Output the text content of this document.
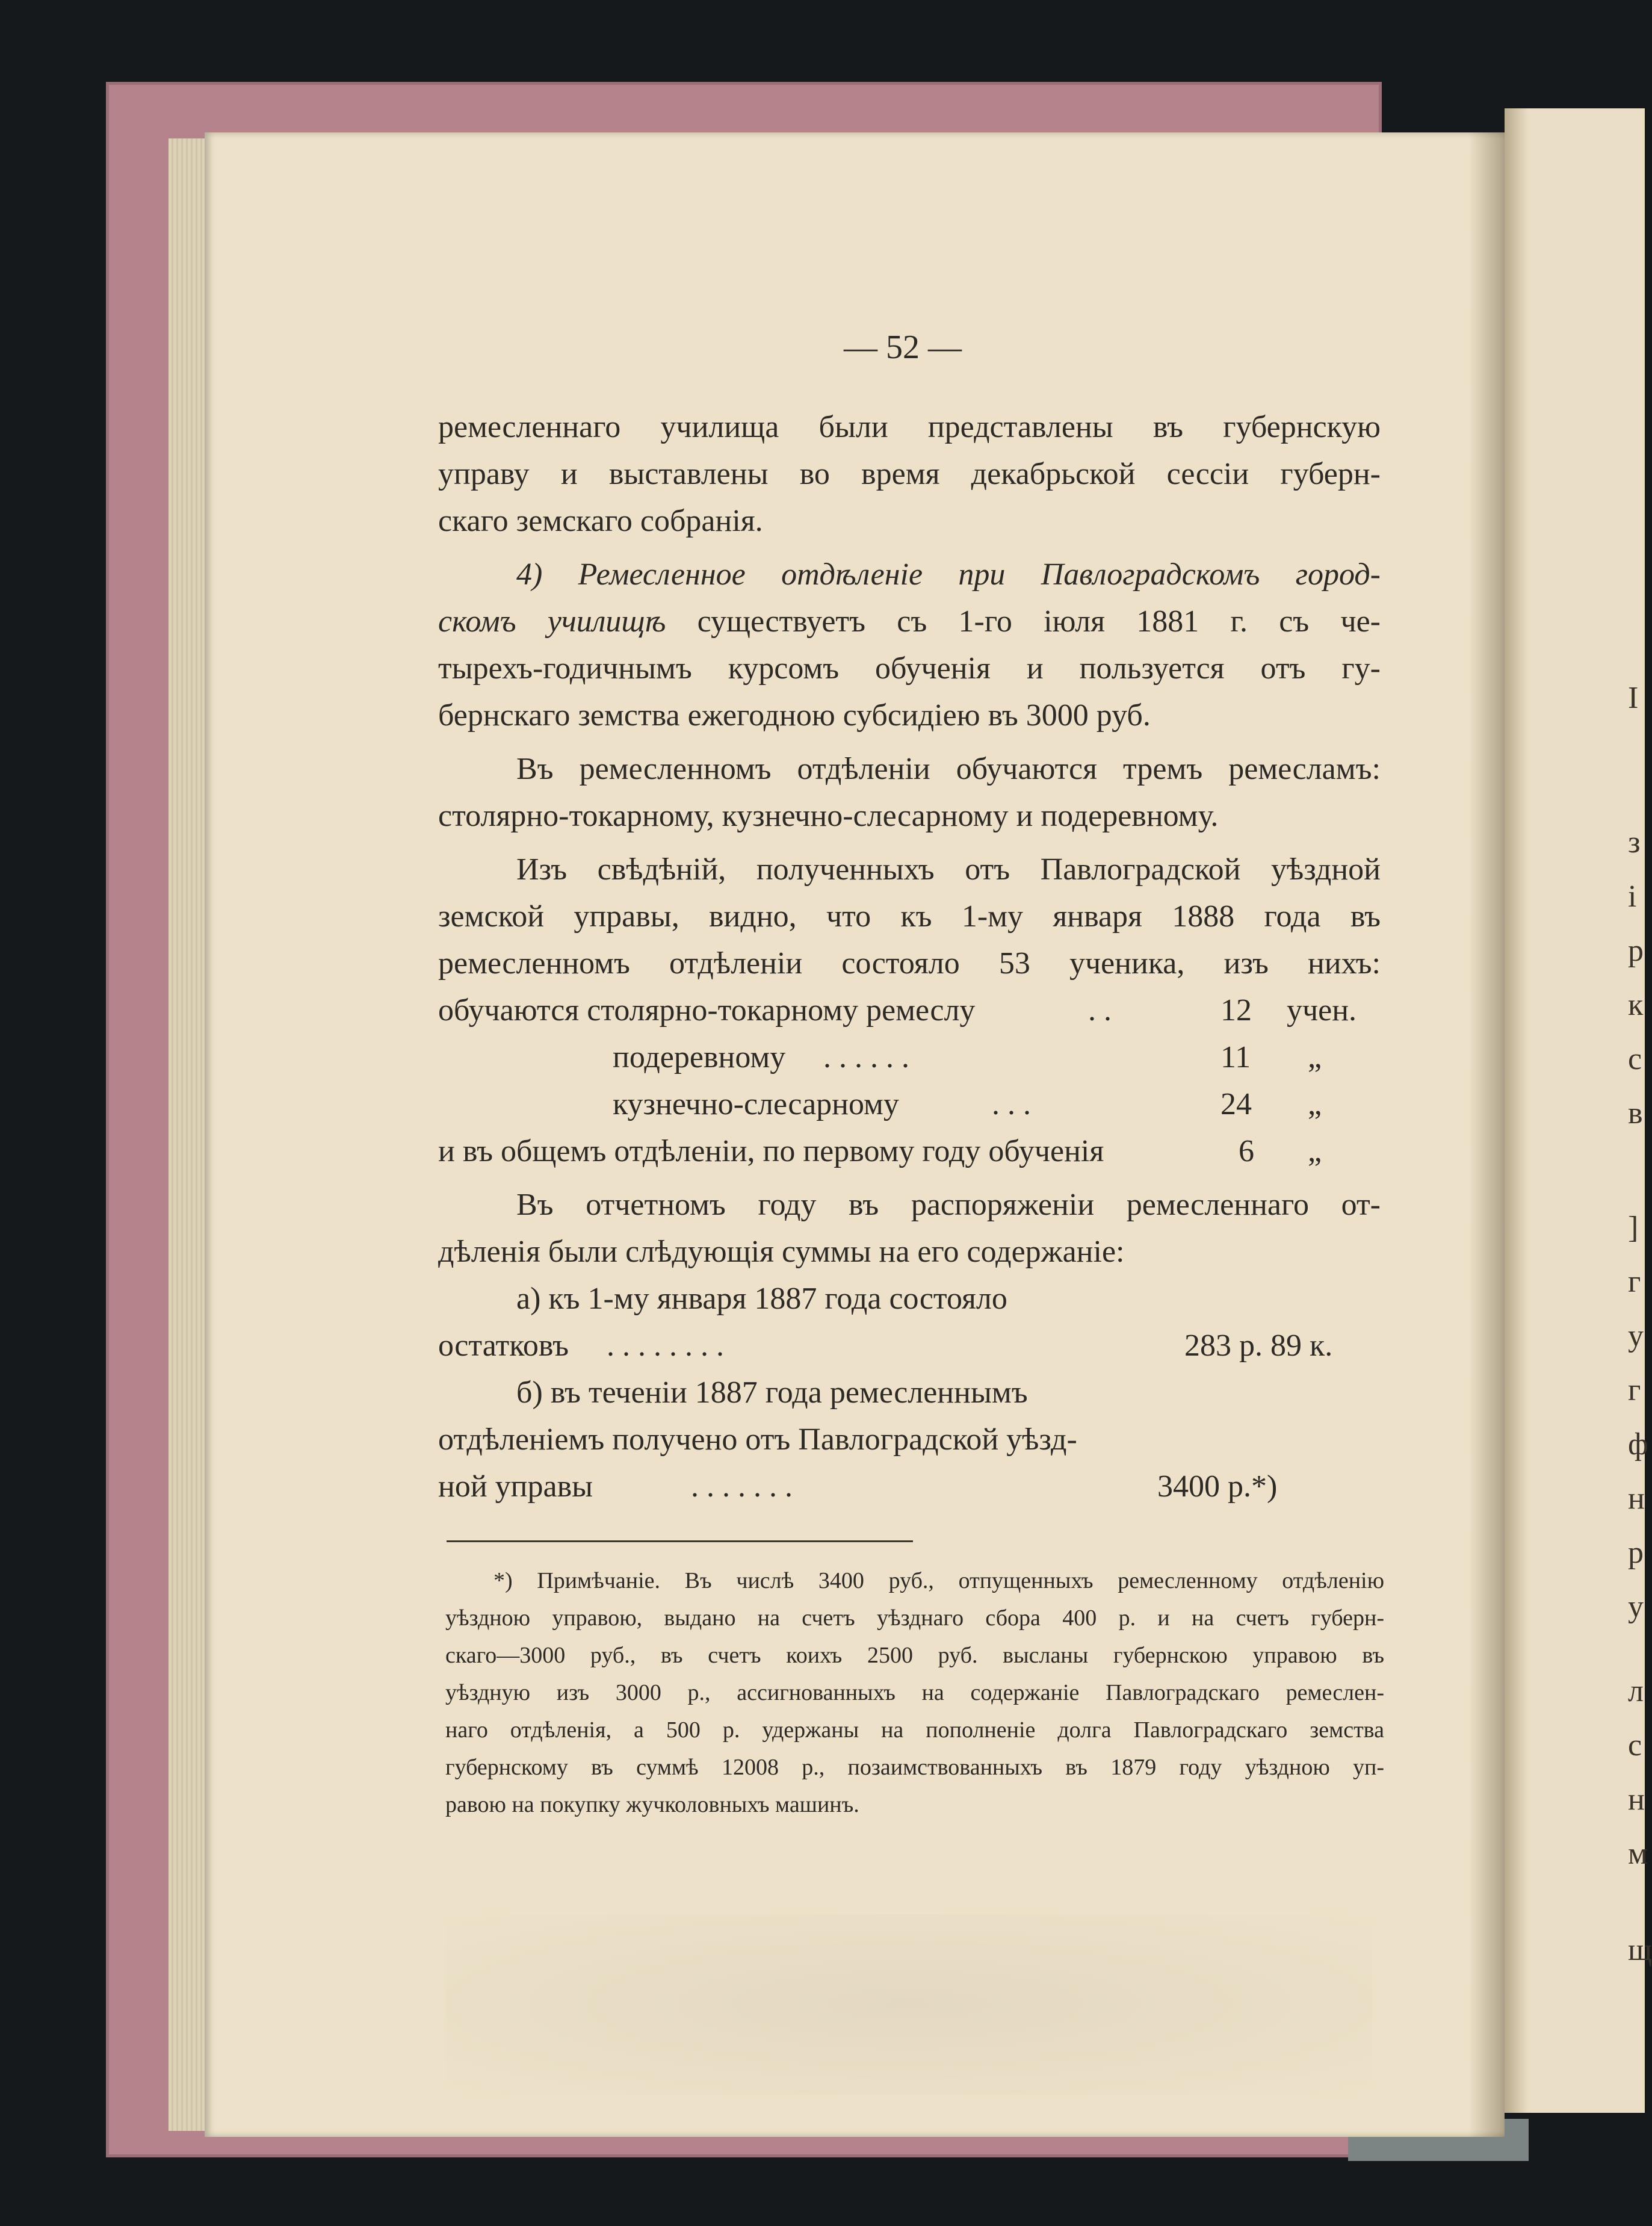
І
з
і
р
к
с
в
]
г
у
г
ф
н
р
у
л
с
н
м
щ
— 52 —
ремесленнаго училища были представлены въ губернскую
управу и выставлены во время декабрьской сессіи губерн-
скаго земскаго собранія.
4) Ремесленное отдѣленіе при Павлоградскомъ город-
скомъ училищѣ существуетъ съ 1-го іюля 1881 г. съ че-
тырехъ-годичнымъ курсомъ обученія и пользуется отъ гу-
бернскаго земства ежегодною субсидіею въ 3000 руб.
Въ ремесленномъ отдѣленіи обучаются тремъ ремесламъ:
столярно-токарному, кузнечно-слесарному и подеревному.
Изъ свѣдѣній, полученныхъ отъ Павлоградской уѣздной
земской управы, видно, что къ 1-му января 1888 года въ
ремесленномъ отдѣленіи состояло 53 ученика, изъ нихъ:
обучаются столярно-токарному ремеслу	. .	12 учен.
подеревному . . . . . .	11 „
кузнечно-слесарному	. . .	24 „
и въ общемъ отдѣленіи, по первому году обученія	6 „
Въ отчетномъ году въ распоряженіи ремесленнаго от-
дѣленія были слѣдующія суммы на его содержаніе:
а) къ 1-му января 1887 года состояло
остатковъ . . . . . . . .	283 р. 89 к.
б) въ теченіи 1887 года ремесленнымъ
отдѣленіемъ получено отъ Павлоградской уѣзд-
ной управы	. . . . . . .	3400 р.*)
*) Примѣчаніе. Въ числѣ 3400 руб., отпущенныхъ ремесленному отдѣленію
уѣздною управою, выдано на счетъ уѣзднаго сбора 400 р. и на счетъ губерн-
скаго—3000 руб., въ счетъ коихъ 2500 руб. высланы губернскою управою въ
уѣздную изъ 3000 р., ассигнованныхъ на содержаніе Павлоградскаго ремеслен-
наго отдѣленія, а 500 р. удержаны на пополненіе долга Павлоградскаго земства
губернскому въ суммѣ 12008 р., позаимствованныхъ въ 1879 году уѣздною уп-
равою на покупку жучколовныхъ машинъ.
